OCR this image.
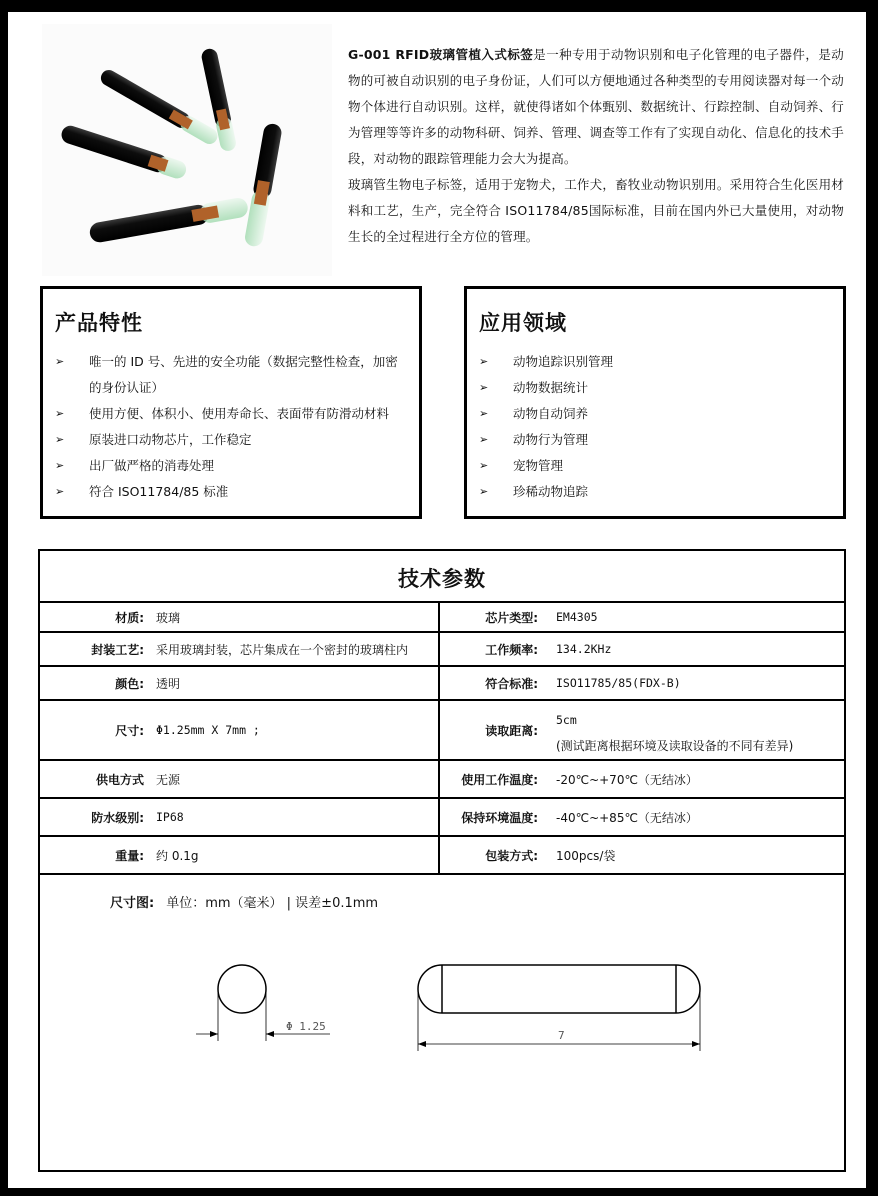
G-001 RFID玻璃管植入式标签是一种专用于动物识别和电子化管理的电子器件，是动物的可被自动识别的电子身份证，人们可以方便地通过各种类型的专用阅读器对每一个动物个体进行自动识别。这样，就使得诸如个体甄别、数据统计、行踪控制、自动饲养、行为管理等等许多的动物科研、饲养、管理、调查等工作有了实现自动化、信息化的技术手段，对动物的跟踪管理能力会大为提高。

玻璃管生物电子标签，适用于宠物犬，工作犬，畜牧业动物识别用。采用符合生化医用材料和工艺，生产，完全符合 ISO11784/85国际标准，目前在国内外已大量使用，对动物生长的全过程进行全方位的管理。

产品特性
➢ 唯一的 ID 号、先进的安全功能（数据完整性检查，加密的身份认证）
➢ 使用方便、体积小、使用寿命长、表面带有防滑动材料
➢ 原装进口动物芯片，工作稳定
➢ 出厂做严格的消毒处理
➢ 符合 ISO11784/85 标准
应用领域
➢ 动物追踪识别管理
➢ 动物数据统计
➢ 动物自动饲养
➢ 动物行为管理
➢ 宠物管理
➢ 珍稀动物追踪
技术参数
材质: 玻璃	芯片类型: EM4305
封装工艺: 采用玻璃封装，芯片集成在一个密封的玻璃柱内	工作频率: 134.2KHz
颜色: 透明	符合标准: ISO11785/85(FDX-B)
尺寸: Φ1.25mm X 7mm ;	读取距离:
5cm
(测试距离根据环境及读取设备的不同有差异)
供电方式 无源	使用工作温度: -20℃~+70℃（无结冰）
防水级别: IP68	保持环境温度: -40℃~+85℃（无结冰）
重量: 约 0.1g	包装方式: 100pcs/袋
尺寸图: 单位：mm（毫米） | 误差±0.1mm
Φ 1.25
7
